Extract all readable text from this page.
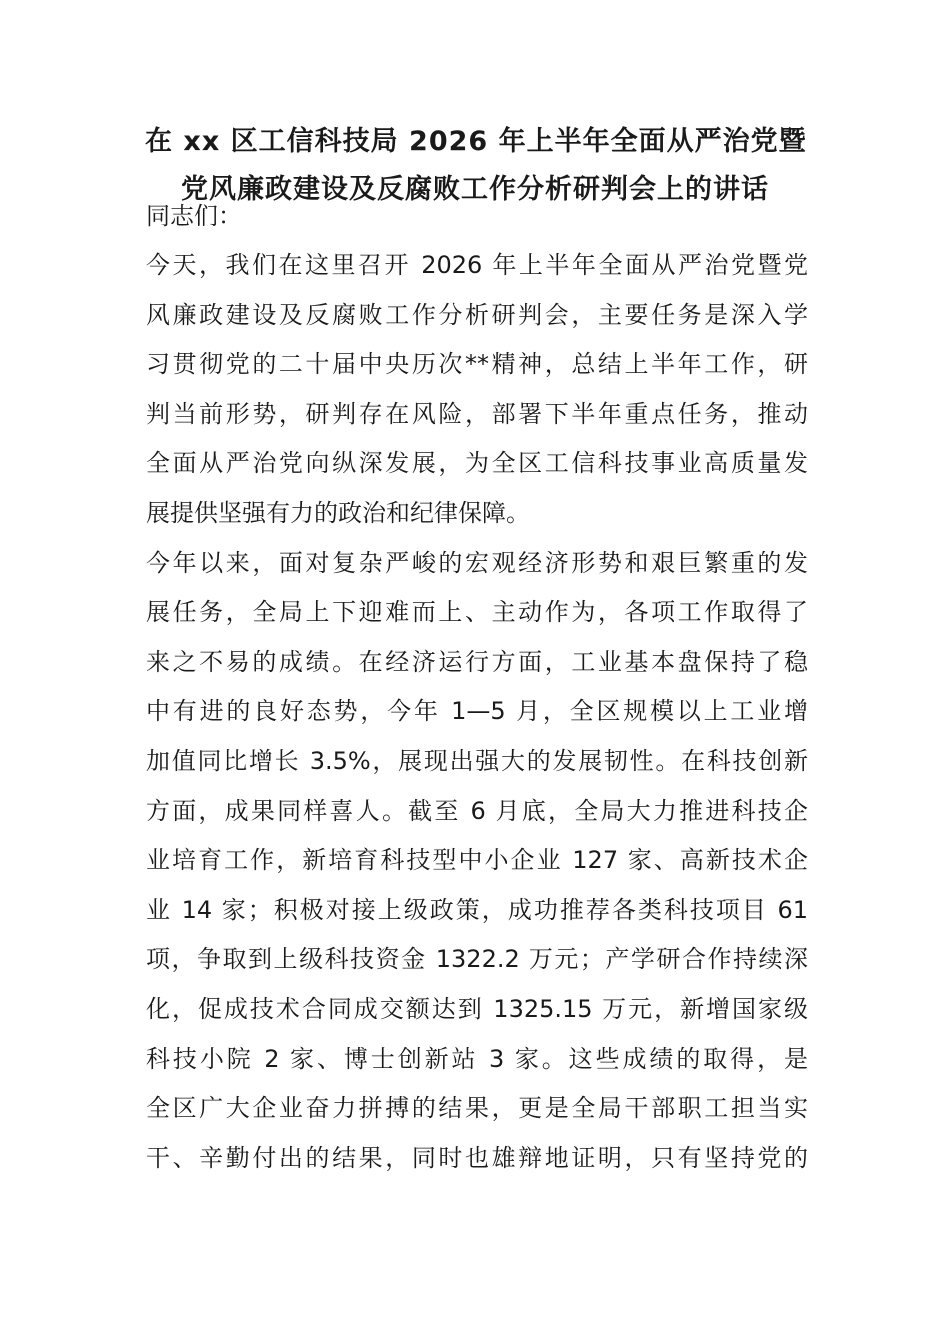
在 xx 区工信科技局 2026 年上半年全面从严治党暨
党风廉政建设及反腐败工作分析研判会上的讲话
同志们：
今天，我们在这里召开 2026 年上半年全面从严治党暨党
风廉政建设及反腐败工作分析研判会，主要任务是深入学
习贯彻党的二十届中央历次**精神，总结上半年工作，研
判当前形势，研判存在风险，部署下半年重点任务，推动
全面从严治党向纵深发展，为全区工信科技事业高质量发
展提供坚强有力的政治和纪律保障。
今年以来，面对复杂严峻的宏观经济形势和艰巨繁重的发
展任务，全局上下迎难而上、主动作为，各项工作取得了
来之不易的成绩。在经济运行方面，工业基本盘保持了稳
中有进的良好态势，今年 1—5 月，全区规模以上工业增
加值同比增长 3.5%，展现出强大的发展韧性。在科技创新
方面，成果同样喜人。截至 6 月底，全局大力推进科技企
业培育工作，新培育科技型中小企业 127 家、高新技术企
业 14 家；积极对接上级政策，成功推荐各类科技项目 61
项，争取到上级科技资金 1322.2 万元；产学研合作持续深
化，促成技术合同成交额达到 1325.15 万元，新增国家级
科技小院 2 家、博士创新站 3 家。这些成绩的取得，是
全区广大企业奋力拼搏的结果，更是全局干部职工担当实
干、辛勤付出的结果，同时也雄辩地证明，只有坚持党的
